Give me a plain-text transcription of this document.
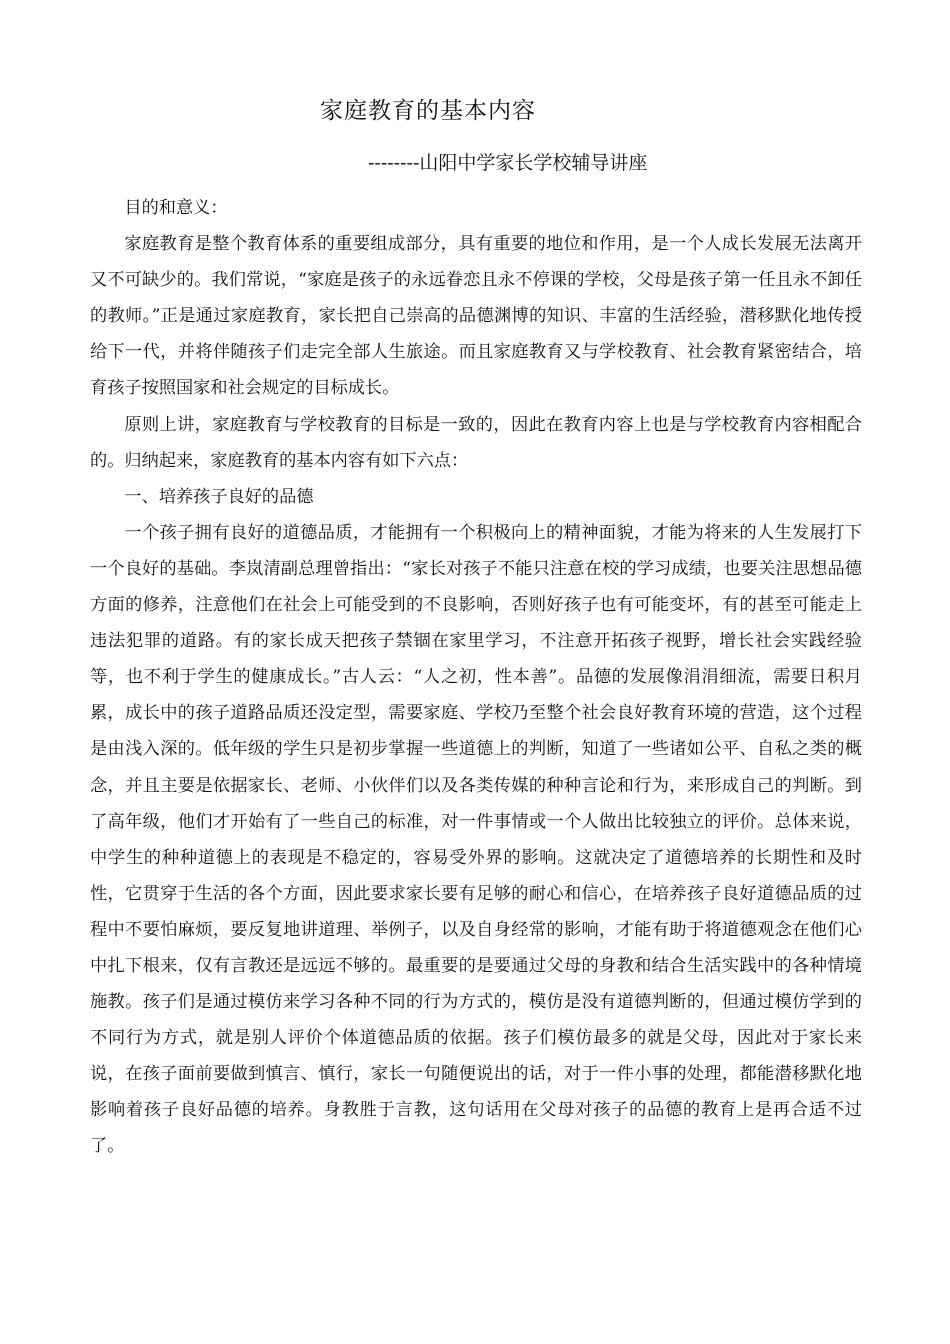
家庭教育的基本内容
--------山阳中学家长学校辅导讲座

目的和意义：

家庭教育是整个教育体系的重要组成部分，具有重要的地位和作用，是一个人成长发展无法离开又不可缺少的。我们常说，“家庭是孩子的永远眷恋且永不停课的学校，父母是孩子第一任且永不卸任的教师。”正是通过家庭教育，家长把自己崇高的品德渊博的知识、丰富的生活经验，潜移默化地传授给下一代，并将伴随孩子们走完全部人生旅途。而且家庭教育又与学校教育、社会教育紧密结合，培育孩子按照国家和社会规定的目标成长。

原则上讲，家庭教育与学校教育的目标是一致的，因此在教育内容上也是与学校教育内容相配合的。归纳起来，家庭教育的基本内容有如下六点：

一、培养孩子良好的品德

一个孩子拥有良好的道德品质，才能拥有一个积极向上的精神面貌，才能为将来的人生发展打下一个良好的基础。李岚清副总理曾指出：“家长对孩子不能只注意在校的学习成绩，也要关注思想品德方面的修养，注意他们在社会上可能受到的不良影响，否则好孩子也有可能变坏，有的甚至可能走上违法犯罪的道路。有的家长成天把孩子禁锢在家里学习，不注意开拓孩子视野，增长社会实践经验等，也不利于学生的健康成长。”古人云：“人之初，性本善”。品德的发展像涓涓细流，需要日积月累，成长中的孩子道路品质还没定型，需要家庭、学校乃至整个社会良好教育环境的营造，这个过程是由浅入深的。低年级的学生只是初步掌握一些道德上的判断，知道了一些诸如公平、自私之类的概念，并且主要是依据家长、老师、小伙伴们以及各类传媒的种种言论和行为，来形成自己的判断。到了高年级，他们才开始有了一些自己的标准，对一件事情或一个人做出比较独立的评价。总体来说，中学生的种种道德上的表现是不稳定的，容易受外界的影响。这就决定了道德培养的长期性和及时性，它贯穿于生活的各个方面，因此要求家长要有足够的耐心和信心，在培养孩子良好道德品质的过程中不要怕麻烦，要反复地讲道理、举例子，以及自身经常的影响，才能有助于将道德观念在他们心中扎下根来，仅有言教还是远远不够的。最重要的是要通过父母的身教和结合生活实践中的各种情境施教。孩子们是通过模仿来学习各种不同的行为方式的，模仿是没有道德判断的，但通过模仿学到的不同行为方式，就是别人评价个体道德品质的依据。孩子们模仿最多的就是父母，因此对于家长来说，在孩子面前要做到慎言、慎行，家长一句随便说出的话，对于一件小事的处理，都能潜移默化地影响着孩子良好品德的培养。身教胜于言教，这句话用在父母对孩子的品德的教育上是再合适不过了。
